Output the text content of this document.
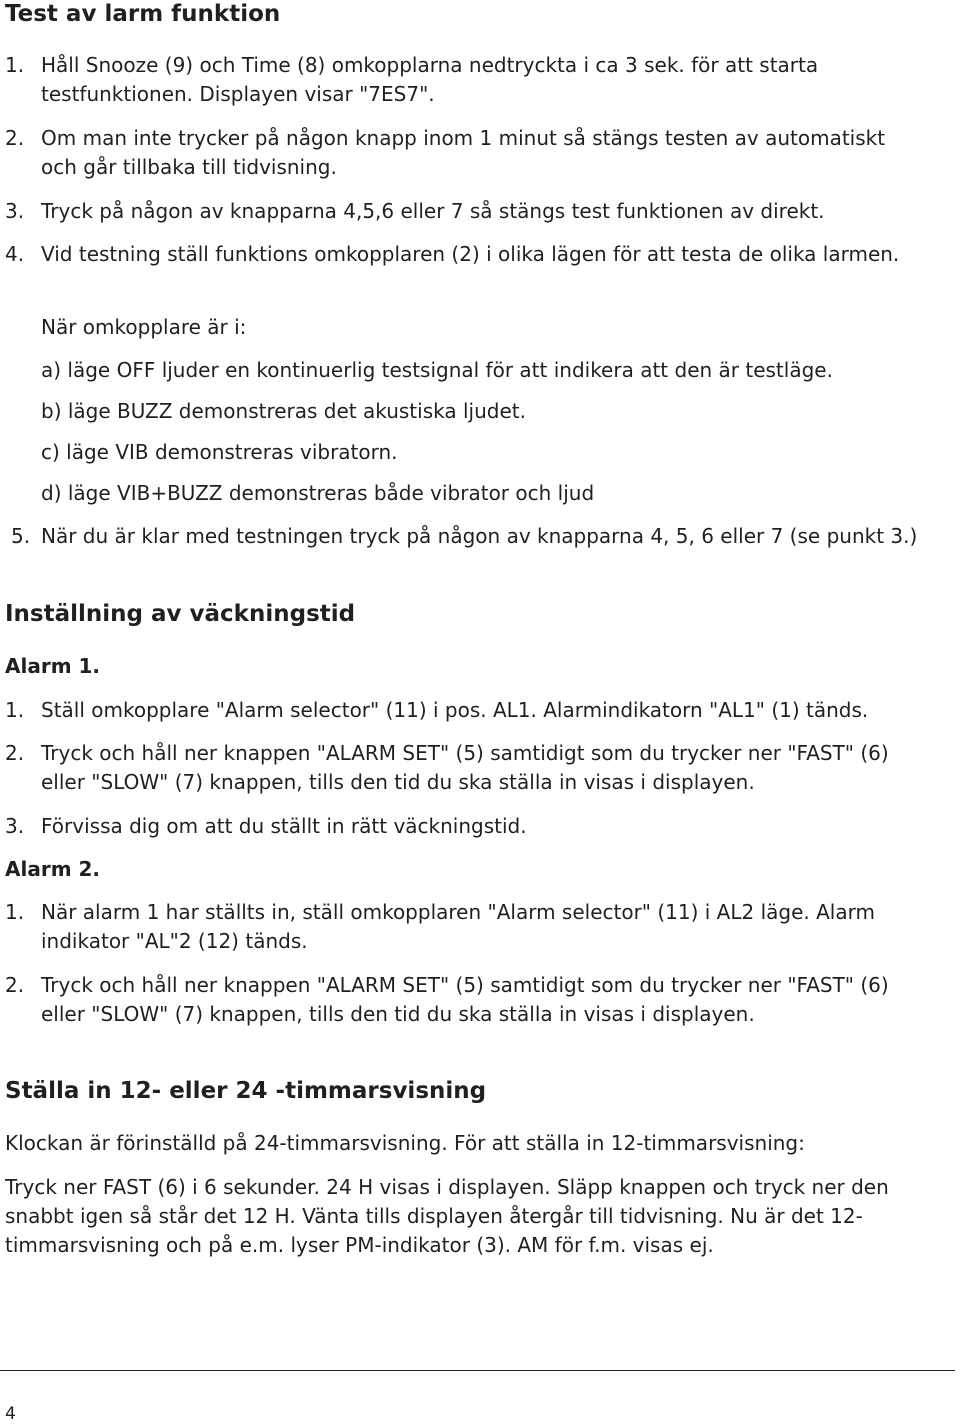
Test av larm funktion
1. Håll Snooze (9) och Time (8) omkopplarna nedtryckta i ca 3 sek. för att starta testfunktionen. Displayen visar "7ES7".
2. Om man inte trycker på någon knapp inom 1 minut så stängs testen av automatiskt och går tillbaka till tidvisning.
3. Tryck på någon av knapparna 4,5,6 eller 7 så stängs test funktionen av direkt.
4. Vid testning ställ funktions omkopplaren (2) i olika lägen för att testa de olika larmen.
När omkopplare är i:
a) läge OFF ljuder en kontinuerlig testsignal för att indikera att den är testläge.
b) läge BUZZ demonstreras det akustiska ljudet.
c) läge VIB demonstreras vibratorn.
d) läge VIB+BUZZ demonstreras både vibrator och ljud
5. När du är klar med testningen tryck på någon av knapparna 4, 5, 6 eller 7 (se punkt 3.)
Inställning av väckningstid
Alarm 1.
1. Ställ omkopplare "Alarm selector" (11) i pos. AL1. Alarmindikatorn "AL1" (1) tänds.
2. Tryck och håll ner knappen "ALARM SET" (5) samtidigt som du trycker ner "FAST" (6) eller "SLOW" (7) knappen, tills den tid du ska ställa in visas i displayen.
3. Förvissa dig om att du ställt in rätt väckningstid.
Alarm 2.
1. När alarm 1 har ställts in, ställ omkopplaren "Alarm selector" (11) i AL2 läge. Alarm indikator "AL"2 (12) tänds.
2. Tryck och håll ner knappen "ALARM SET" (5) samtidigt som du trycker ner "FAST" (6) eller "SLOW" (7) knappen, tills den tid du ska ställa in visas i displayen.
Ställa in 12- eller 24 -timmarsvisning
Klockan är förinställd på 24-timmarsvisning. För att ställa in 12-timmarsvisning:
Tryck ner FAST (6) i 6 sekunder. 24 H visas i displayen. Släpp knappen och tryck ner den snabbt igen så står det 12 H. Vänta tills displayen återgår till tidvisning. Nu är det 12-timmarsvisning och på e.m. lyser PM-indikator (3). AM för f.m. visas ej.
4
